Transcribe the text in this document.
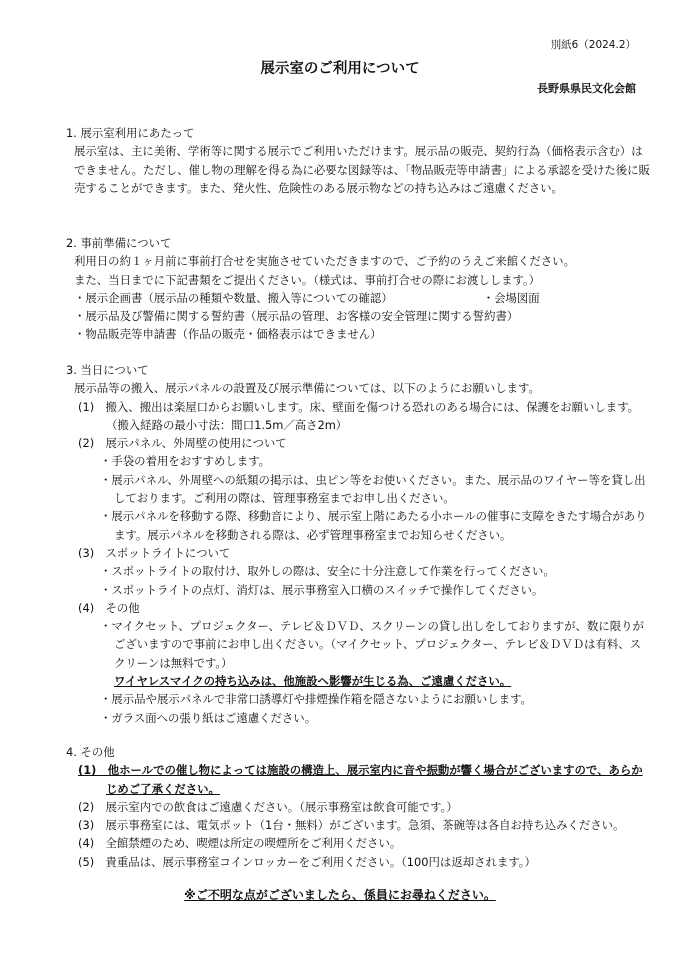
別紙6（2024.2）
展示室のご利用について
長野県県民文化会館

1. 展示室利用にあたって

展示室は、主に美術、学術等に関する展示でご利用いただけます。展示品の販売、契約行為（価格表示含む）はできません。ただし、催し物の理解を得る為に必要な図録等は、「物品販売等申請書」による承認を受けた後に販売することができます。また、発火性、危険性のある展示物などの持ち込みはご遠慮ください。

2. 事前準備について

利用日の約１ヶ月前に事前打合せを実施させていただきますので、ご予約のうえご来館ください。

また、当日までに下記書類をご提出ください。（様式は、事前打合せの際にお渡しします。）

・展示企画書（展示品の種類や数量、搬入等についての確認）	・会場図面

・展示品及び警備に関する誓約書（展示品の管理、お客様の安全管理に関する誓約書）

・物品販売等申請書（作品の販売・価格表示はできません）

3. 当日について

展示品等の搬入、展示パネルの設置及び展示準備については、以下のようにお願いします。

(1)　搬入、搬出は楽屋口からお願いします。床、壁面を傷つける恐れのある場合には、保護をお願いします。（搬入経路の最小寸法：間口1.5m／高さ2m）

(2)　展示パネル、外周壁の使用について

・手袋の着用をおすすめします。

・展示パネル、外周壁への紙類の掲示は、虫ピン等をお使いください。また、展示品のワイヤー等を貸し出しております。ご利用の際は、管理事務室までお申し出ください。

・展示パネルを移動する際、移動音により、展示室上階にあたる小ホールの催事に支障をきたす場合があります。展示パネルを移動される際は、必ず管理事務室までお知らせください。

(3)　スポットライトについて

・スポットライトの取付け、取外しの際は、安全に十分注意して作業を行ってください。

・スポットライトの点灯、消灯は、展示事務室入口横のスイッチで操作してください。

(4)　その他

・マイクセット、プロジェクター、テレビ＆ＤＶＤ、スクリーンの貸し出しをしておりますが、数に限りがございますので事前にお申し出ください。（マイクセット、プロジェクター、テレビ＆ＤＶＤは有料、スクリーンは無料です。）

ワイヤレスマイクの持ち込みは、他施設へ影響が生じる為、ご遠慮ください。

・展示品や展示パネルで非常口誘導灯や排煙操作箱を隠さないようにお願いします。

・ガラス面への張り紙はご遠慮ください。

4. その他

(1)　他ホールでの催し物によっては施設の構造上、展示室内に音や振動が響く場合がございますので、あらかじめご了承ください。

(2)　展示室内での飲食はご遠慮ください。（展示事務室は飲食可能です。）

(3)　展示事務室には、電気ポット（1台・無料）がございます。急須、茶碗等は各自お持ち込みください。

(4)　全館禁煙のため、喫煙は所定の喫煙所をご利用ください。

(5)　貴重品は、展示事務室コインロッカーをご利用ください。（100円は返却されます。）

※ご不明な点がございましたら、係員にお尋ねください。
